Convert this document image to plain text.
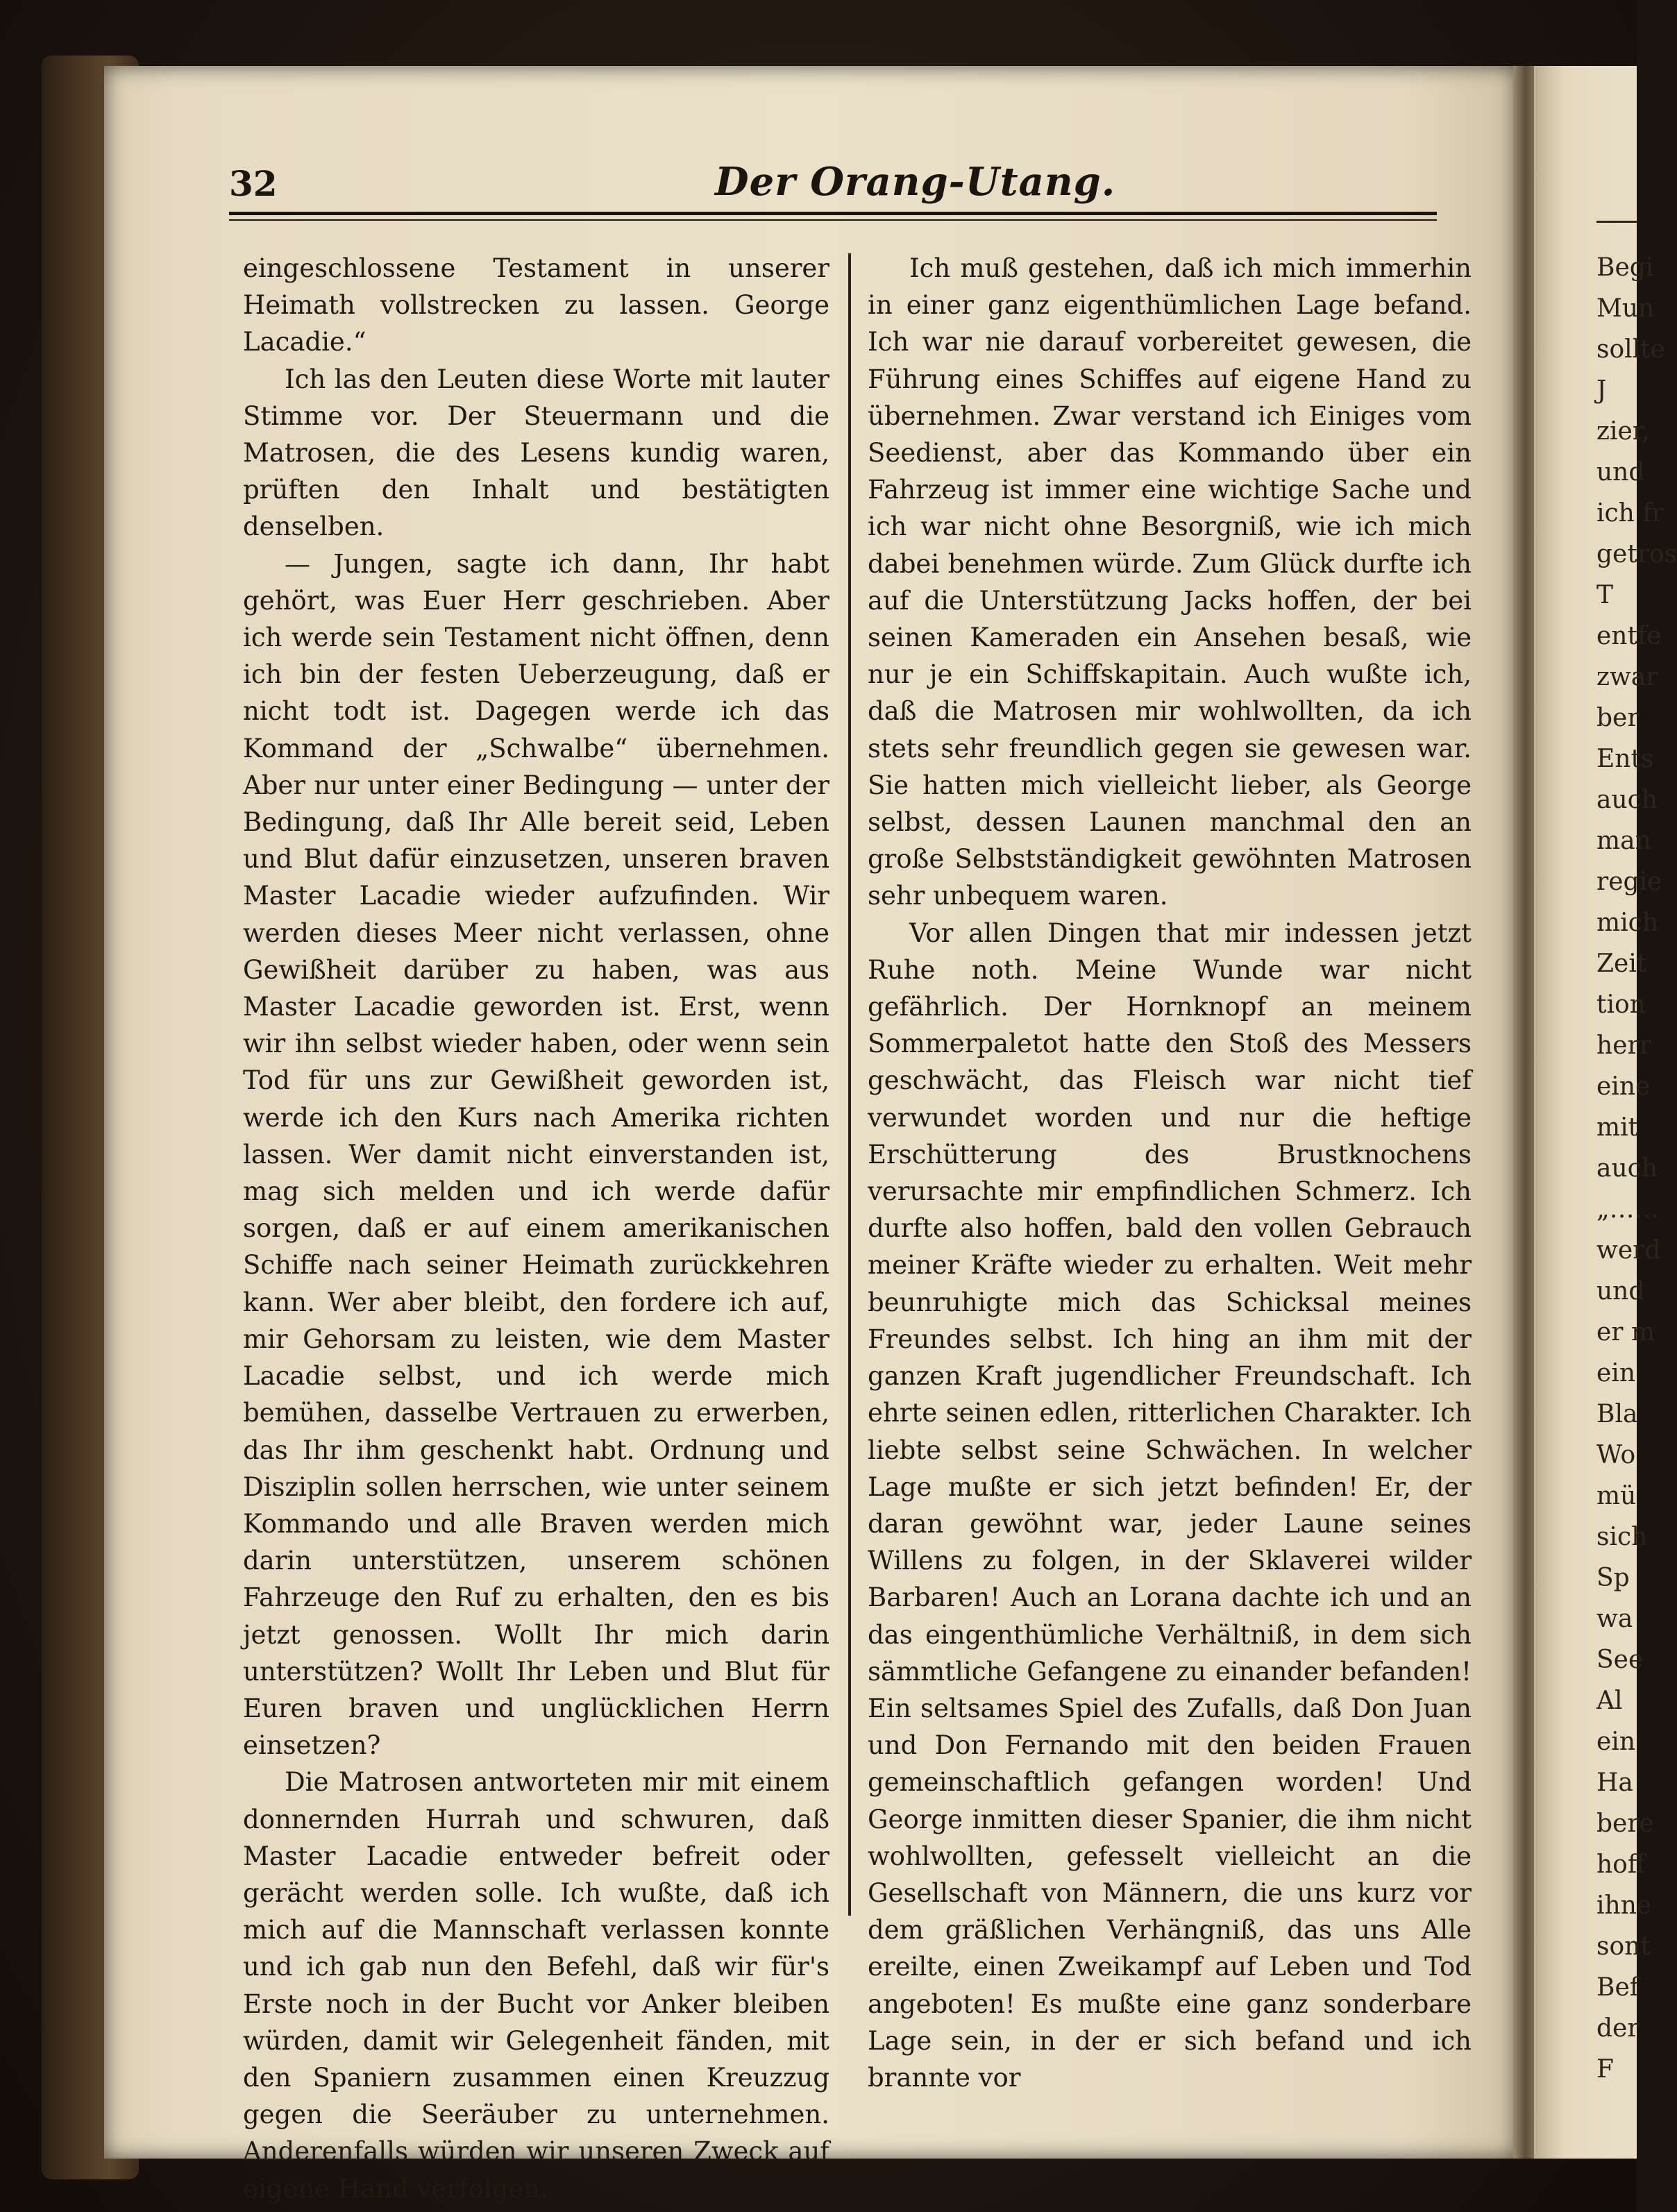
32	Der Orang-Utang.

eingeschlossene Testament in unserer Heimath vollstrecken zu lassen. George Lacadie.“

Ich las den Leuten diese Worte mit lauter Stimme vor. Der Steuermann und die Matrosen, die des Lesens kundig waren, prüften den Inhalt und bestätigten denselben.

— Jungen, sagte ich dann, Ihr habt gehört, was Euer Herr geschrieben. Aber ich werde sein Testament nicht öffnen, denn ich bin der festen Ueberzeugung, daß er nicht todt ist. Dagegen werde ich das Kommand der „Schwalbe“ übernehmen. Aber nur unter einer Bedingung — unter der Bedingung, daß Ihr Alle bereit seid, Leben und Blut dafür einzusetzen, unseren braven Master Lacadie wieder aufzufinden. Wir werden dieses Meer nicht verlassen, ohne Gewißheit darüber zu haben, was aus Master Lacadie geworden ist. Erst, wenn wir ihn selbst wieder haben, oder wenn sein Tod für uns zur Gewißheit geworden ist, werde ich den Kurs nach Amerika richten lassen. Wer damit nicht einverstanden ist, mag sich melden und ich werde dafür sorgen, daß er auf einem amerikanischen Schiffe nach seiner Heimath zurückkehren kann. Wer aber bleibt, den fordere ich auf, mir Gehorsam zu leisten, wie dem Master Lacadie selbst, und ich werde mich bemühen, dasselbe Vertrauen zu erwerben, das Ihr ihm geschenkt habt. Ordnung und Disziplin sollen herrschen, wie unter seinem Kommando und alle Braven werden mich darin unterstützen, unserem schönen Fahrzeuge den Ruf zu erhalten, den es bis jetzt genossen. Wollt Ihr mich darin unterstützen? Wollt Ihr Leben und Blut für Euren braven und unglücklichen Herrn einsetzen?

Die Matrosen antworteten mir mit einem donnernden Hurrah und schwuren, daß Master Lacadie entweder befreit oder gerächt werden solle. Ich wußte, daß ich mich auf die Mannschaft verlassen konnte und ich gab nun den Befehl, daß wir für's Erste noch in der Bucht vor Anker bleiben würden, damit wir Gelegenheit fänden, mit den Spaniern zusammen einen Kreuzzug gegen die Seeräuber zu unternehmen. Anderenfalls würden wir unseren Zweck auf eigene Hand verfolgen.

Ich muß gestehen, daß ich mich immerhin in einer ganz eigenthümlichen Lage befand. Ich war nie darauf vorbereitet gewesen, die Führung eines Schiffes auf eigene Hand zu übernehmen. Zwar verstand ich Einiges vom Seedienst, aber das Kommando über ein Fahrzeug ist immer eine wichtige Sache und ich war nicht ohne Besorgniß, wie ich mich dabei benehmen würde. Zum Glück durfte ich auf die Unterstützung Jacks hoffen, der bei seinen Kameraden ein Ansehen besaß, wie nur je ein Schiffskapitain. Auch wußte ich, daß die Matrosen mir wohlwollten, da ich stets sehr freundlich gegen sie gewesen war. Sie hatten mich vielleicht lieber, als George selbst, dessen Launen manchmal den an große Selbstständigkeit gewöhnten Matrosen sehr unbequem waren.

Vor allen Dingen that mir indessen jetzt Ruhe noth. Meine Wunde war nicht gefährlich. Der Hornknopf an meinem Sommerpaletot hatte den Stoß des Messers geschwächt, das Fleisch war nicht tief verwundet worden und nur die heftige Erschütterung des Brustknochens verursachte mir empfindlichen Schmerz. Ich durfte also hoffen, bald den vollen Gebrauch meiner Kräfte wieder zu erhalten. Weit mehr beunruhigte mich das Schicksal meines Freundes selbst. Ich hing an ihm mit der ganzen Kraft jugendlicher Freundschaft. Ich ehrte seinen edlen, ritterlichen Charakter. Ich liebte selbst seine Schwächen. In welcher Lage mußte er sich jetzt befinden! Er, der daran gewöhnt war, jeder Laune seines Willens zu folgen, in der Sklaverei wilder Barbaren! Auch an Lorana dachte ich und an das eingenthümliche Verhältniß, in dem sich sämmtliche Gefangene zu einander befanden! Ein seltsames Spiel des Zufalls, daß Don Juan und Don Fernando mit den beiden Frauen gemeinschaftlich gefangen worden! Und George inmitten dieser Spanier, die ihm nicht wohlwollten, gefesselt vielleicht an die Gesellschaft von Männern, die uns kurz vor dem gräßlichen Verhängniß, das uns Alle ereilte, einen Zweikampf auf Leben und Tod angeboten! Es mußte eine ganz sonderbare Lage sein, in der er sich befand und ich brannte vor

Begi
Mun
sollte
J
zier,
und
ich fr
getros
T
entfe
zwar
ber
Ents
auch
man
regie
mich
Zeit
tion
herr
eine
mit
auch
„……
werd
und
er m
ein
Bla
Wo
mü
sich
Sp
wa
See
Al
ein
Ha
bere
hoff
ihne
sont
Bef
der
F
